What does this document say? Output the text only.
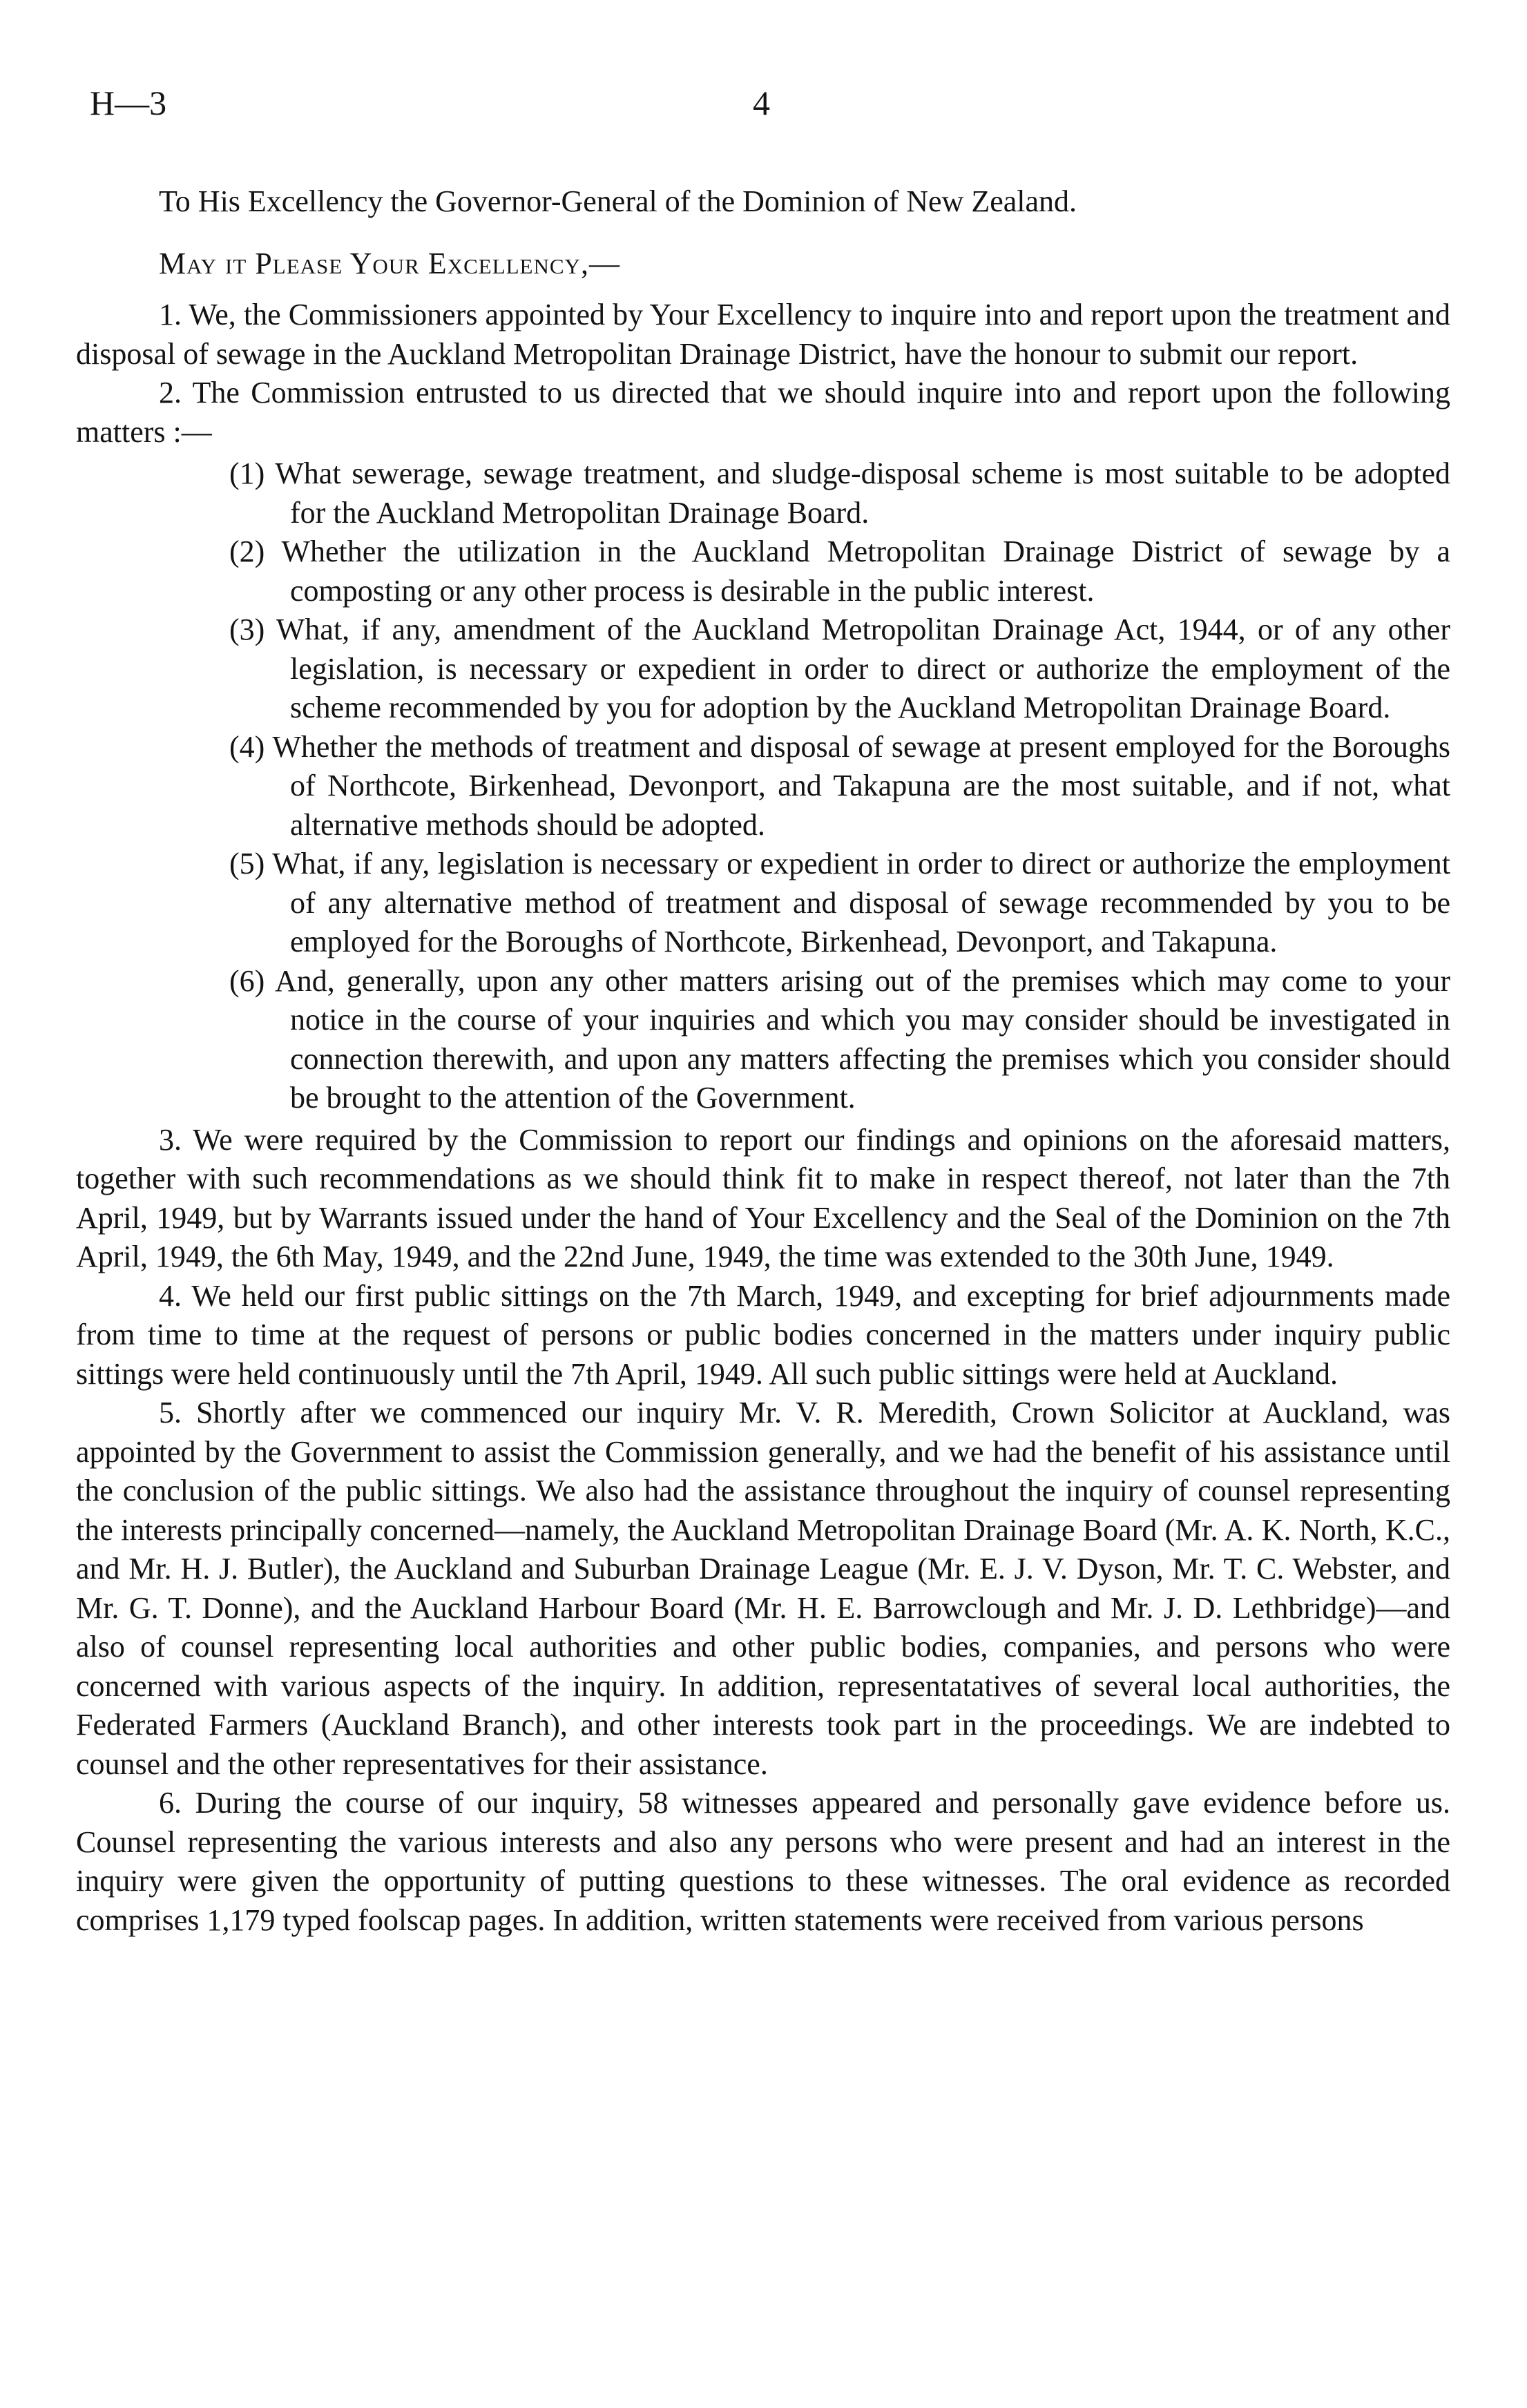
H—3	4
To His Excellency the Governor-General of the Dominion of New Zealand.
May it Please Your Excellency,—

1. We, the Commissioners appointed by Your Excellency to inquire into and report upon the treatment and disposal of sewage in the Auckland Metropolitan Drainage District, have the honour to submit our report.

2. The Commission entrusted to us directed that we should inquire into and report upon the following matters :—

(1) What sewerage, sewage treatment, and sludge-disposal scheme is most suitable to be adopted for the Auckland Metropolitan Drainage Board.

(2) Whether the utilization in the Auckland Metropolitan Drainage District of sewage by a composting or any other process is desirable in the public interest.

(3) What, if any, amendment of the Auckland Metropolitan Drainage Act, 1944, or of any other legislation, is necessary or expedient in order to direct or authorize the employment of the scheme recommended by you for adoption by the Auckland Metropolitan Drainage Board.

(4) Whether the methods of treatment and disposal of sewage at present employed for the Boroughs of Northcote, Birkenhead, Devonport, and Takapuna are the most suitable, and if not, what alternative methods should be adopted.

(5) What, if any, legislation is necessary or expedient in order to direct or authorize the employment of any alternative method of treatment and disposal of sewage recommended by you to be employed for the Boroughs of Northcote, Birkenhead, Devonport, and Takapuna.

(6) And, generally, upon any other matters arising out of the premises which may come to your notice in the course of your inquiries and which you may consider should be investigated in connection therewith, and upon any matters affecting the premises which you consider should be brought to the attention of the Government.

3. We were required by the Commission to report our findings and opinions on the aforesaid matters, together with such recommendations as we should think fit to make in respect thereof, not later than the 7th April, 1949, but by Warrants issued under the hand of Your Excellency and the Seal of the Dominion on the 7th April, 1949, the 6th May, 1949, and the 22nd June, 1949, the time was extended to the 30th June, 1949.

4. We held our first public sittings on the 7th March, 1949, and excepting for brief adjournments made from time to time at the request of persons or public bodies concerned in the matters under inquiry public sittings were held continuously until the 7th April, 1949. All such public sittings were held at Auckland.

5. Shortly after we commenced our inquiry Mr. V. R. Meredith, Crown Solicitor at Auckland, was appointed by the Government to assist the Commission generally, and we had the benefit of his assistance until the conclusion of the public sittings. We also had the assistance throughout the inquiry of counsel representing the interests principally concerned—namely, the Auckland Metropolitan Drainage Board (Mr. A. K. North, K.C., and Mr. H. J. Butler), the Auckland and Suburban Drainage League (Mr. E. J. V. Dyson, Mr. T. C. Webster, and Mr. G. T. Donne), and the Auckland Harbour Board (Mr. H. E. Barrowclough and Mr. J. D. Lethbridge)—and also of counsel representing local authorities and other public bodies, companies, and persons who were concerned with various aspects of the inquiry. In addition, representatatives of several local authorities, the Federated Farmers (Auckland Branch), and other interests took part in the proceedings. We are indebted to counsel and the other representatives for their assistance.

6. During the course of our inquiry, 58 witnesses appeared and personally gave evidence before us. Counsel representing the various interests and also any persons who were present and had an interest in the inquiry were given the opportunity of putting questions to these witnesses. The oral evidence as recorded comprises 1,179 typed foolscap pages. In addition, written statements were received from various persons
